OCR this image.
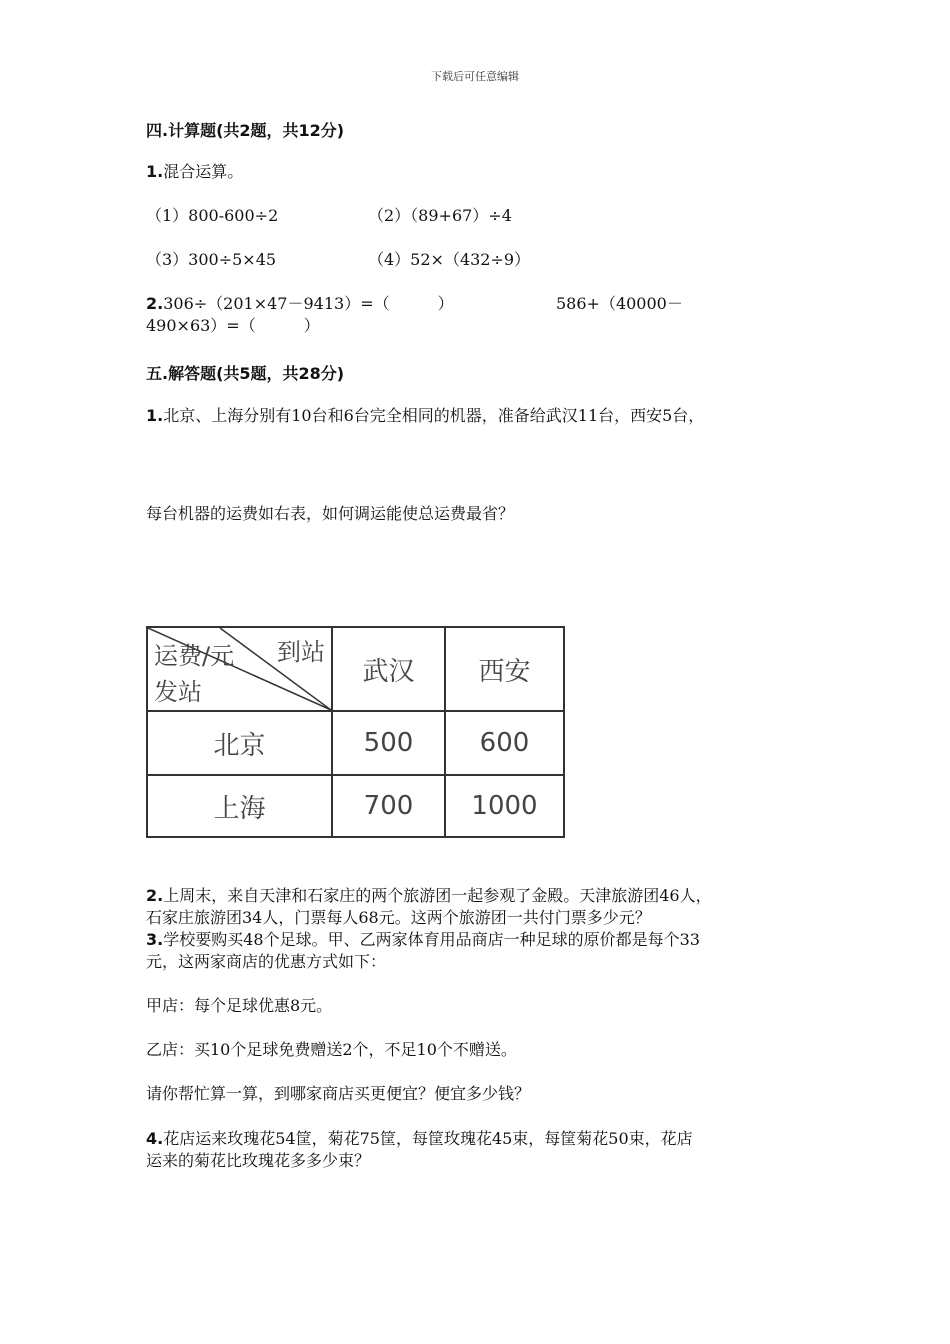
下载后可任意编辑
四.计算题(共2题，共12分)
1.混合运算。
（1）800-600÷2	（2）（89+67）÷4
（3）300÷5×45	（4）52×（432÷9）
2.306÷（201×47－9413）=（　　　）	586+（40000－
490×63）=（　　　）
五.解答题(共5题，共28分)
1.北京、上海分别有10台和6台完全相同的机器，准备给武汉11台，西安5台，
每台机器的运费如右表，如何调运能使总运费最省？
运费/元 到站
发站	武汉	西安
北京	500	600
上海	700	1000
2.上周末，来自天津和石家庄的两个旅游团一起参观了金殿。天津旅游团46人，
石家庄旅游团34人，门票每人68元。这两个旅游团一共付门票多少元？
3.学校要购买48个足球。甲、乙两家体育用品商店一种足球的原价都是每个33
元，这两家商店的优惠方式如下：
甲店：每个足球优惠8元。
乙店：买10个足球免费赠送2个，不足10个不赠送。
请你帮忙算一算，到哪家商店买更便宜？便宜多少钱？
4.花店运来玫瑰花54筐，菊花75筐，每筐玫瑰花45束，每筐菊花50束，花店
运来的菊花比玫瑰花多多少束？
